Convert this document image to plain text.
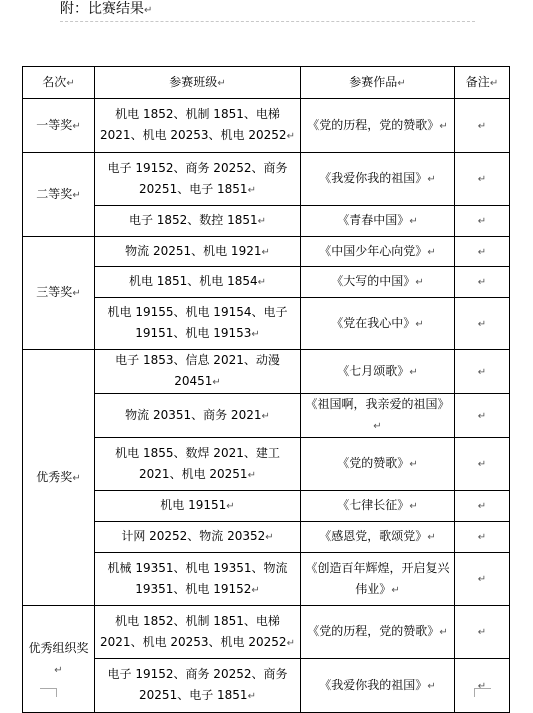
附：比赛结果↵
名次↵	参赛班级↵	参赛作品↵	备注↵
一等奖↵	机电 1852、机制 1851、电梯 2021、机电 20253、机电 20252↵	《党的历程，党的赞歌》↵	↵
二等奖↵	电子 19152、商务 20252、商务 20251、电子 1851↵	《我爱你我的祖国》↵	↵
	电子 1852、数控 1851↵	《青春中国》↵	↵
三等奖↵	物流 20251、机电 1921↵	《中国少年心向党》↵	↵
	机电 1851、机电 1854↵	《大写的中国》↵	↵
	机电 19155、机电 19154、电子 19151、机电 19153↵	《党在我心中》↵	↵
优秀奖↵	电子 1853、信息 2021、动漫 20451↵	《七月颂歌》↵	↵
	物流 20351、商务 2021↵	《祖国啊，我亲爱的祖国》↵	↵
	机电 1855、数焊 2021、建工 2021、机电 20251↵	《党的赞歌》↵	↵
	机电 19151↵	《七律长征》↵	↵
	计网 20252、物流 20352↵	《感恩党，歌颂党》↵	↵
	机械 19351、机电 19351、物流 19351、机电 19152↵	《创造百年辉煌，开启复兴伟业》↵	↵
优秀组织奖↵	机电 1852、机制 1851、电梯 2021、机电 20253、机电 20252↵	《党的历程，党的赞歌》↵	↵
	电子 19152、商务 20252、商务 20251、电子 1851↵	《我爱你我的祖国》↵	↵
